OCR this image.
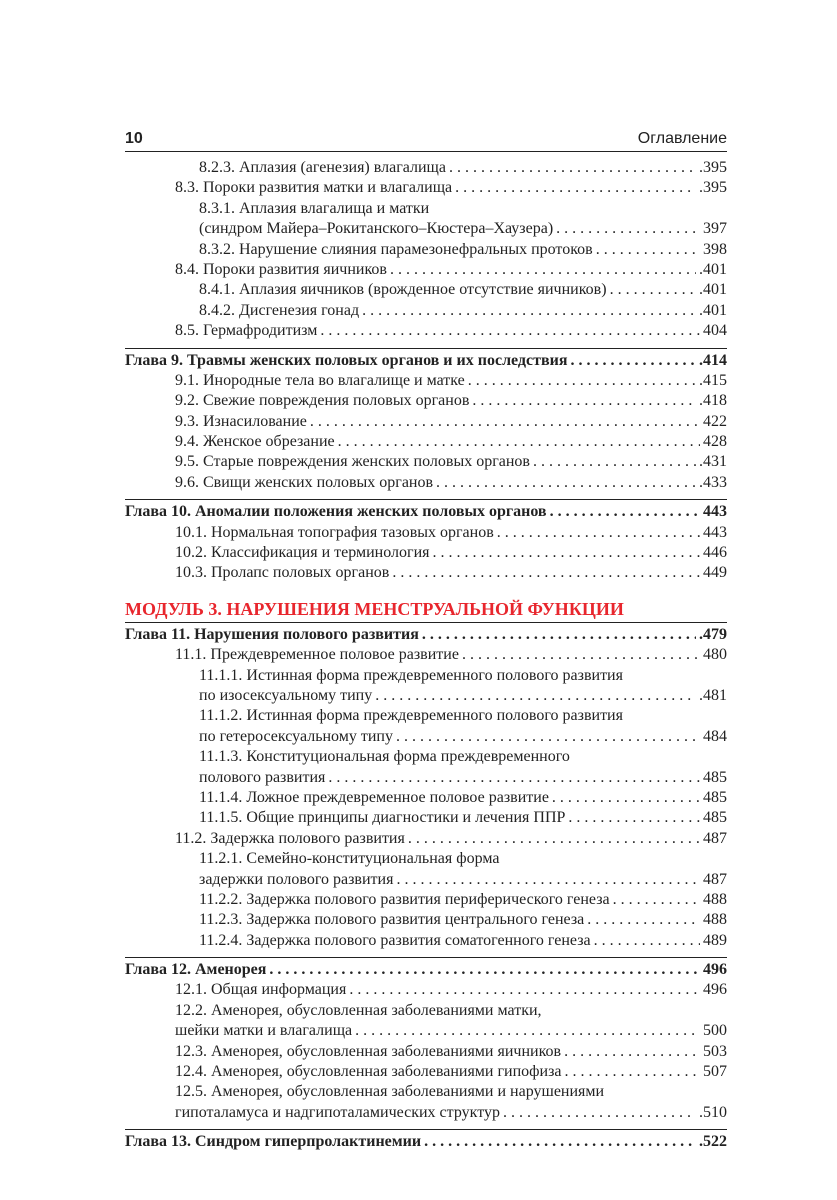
10	Оглавление
8.2.3. Аплазия (агенезия) влагалища . . .	.395
8.3. Пороки развития матки и влагалища . . .	.395
8.3.1. Аплазия влагалища и матки
(синдром Майера–Рокитанского–Кюстера–Хаузера) . . .	397
8.3.2. Нарушение слияния парамезонефральных протоков . . .	398
8.4. Пороки развития яичников . . .	.401
8.4.1. Аплазия яичников (врожденное отсутствие яичников) . . .	.401
8.4.2. Дисгенезия гонад . . .	.401
8.5. Гермафродитизм . . .	404
Глава 9. Травмы женских половых органов и их последствия . . .	.414
9.1. Инородные тела во влагалище и матке . . .	.415
9.2. Свежие повреждения половых органов . . .	.418
9.3. Изнасилование . . .	422
9.4. Женское обрезание . . .	428
9.5. Старые повреждения женских половых органов . . .	.431
9.6. Свищи женских половых органов . . .	.433
Глава 10. Аномалии положения женских половых органов . . .	443
10.1. Нормальная топография тазовых органов . . .	443
10.2. Классификация и терминология . . .	446
10.3. Пролапс половых органов . . .	449
МОДУЛЬ 3. НАРУШЕНИЯ МЕНСТРУАЛЬНОЙ ФУНКЦИИ
Глава 11. Нарушения полового развития . . .	.479
11.1. Преждевременное половое развитие . . .	480
11.1.1. Истинная форма преждевременного полового развития
по изосексуальному типу . . .	.481
11.1.2. Истинная форма преждевременного полового развития
по гетеросексуальному типу . . .	484
11.1.3. Конституциональная форма преждевременного
полового развития . . .	485
11.1.4. Ложное преждевременное половое развитие . . .	485
11.1.5. Общие принципы диагностики и лечения ППР . . .	485
11.2. Задержка полового развития . . .	487
11.2.1. Семейно-конституциональная форма
задержки полового развития . . .	487
11.2.2. Задержка полового развития периферического генеза . . .	488
11.2.3. Задержка полового развития центрального генеза . . .	488
11.2.4. Задержка полового развития соматогенного генеза . . .	489
Глава 12. Аменорея . . .	496
12.1. Общая информация . . .	496
12.2. Аменорея, обусловленная заболеваниями матки,
шейки матки и влагалища . . .	500
12.3. Аменорея, обусловленная заболеваниями яичников . . .	503
12.4. Аменорея, обусловленная заболеваниями гипофиза . . .	507
12.5. Аменорея, обусловленная заболеваниями и нарушениями
гипоталамуса и надгипоталамических структур . . .	.510
Глава 13. Синдром гиперпролактинемии . . .	.522
